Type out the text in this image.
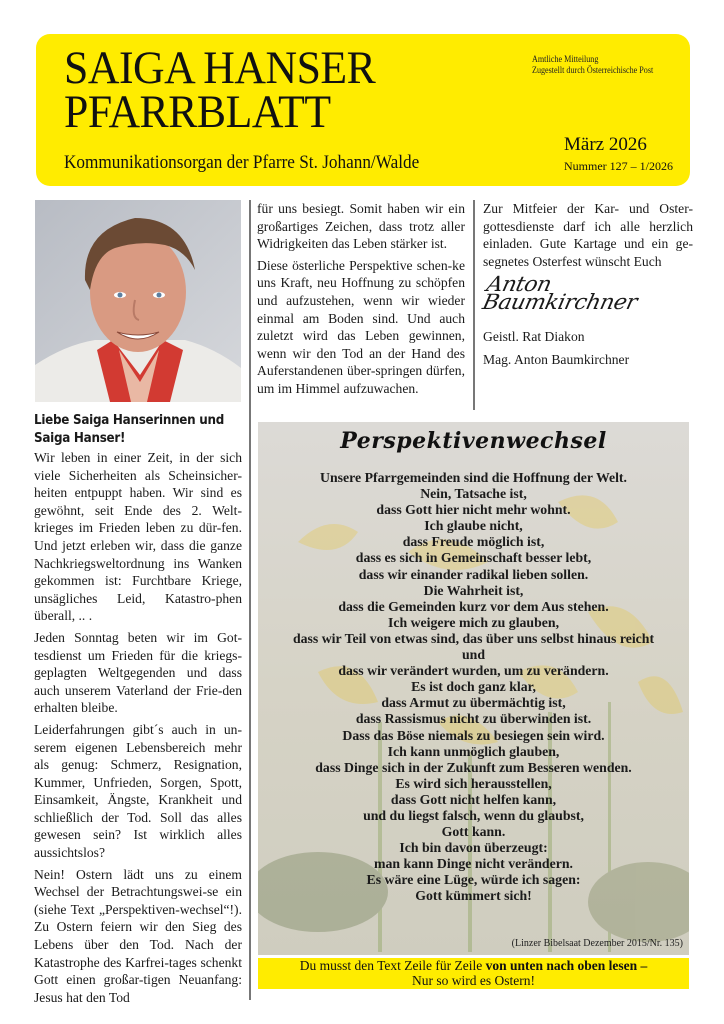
SAIGA HANSER
PFARRBLATT
Kommunikationsorgan der Pfarre St. Johann/Walde
Amtliche Mitteilung
Zugestellt durch Österreichische Post
März 2026
Nummer 127 – 1/2026
Liebe Saiga Hanserinnen und
Saiga Hanser!

Wir leben in einer Zeit, in der sich viele Sicherheiten als Scheinsicher-heiten entpuppt haben. Wir sind es gewöhnt, seit Ende des 2. Welt-krieges im Frieden leben zu dür-fen. Und jetzt erleben wir, dass die ganze Nachkriegsweltordnung ins Wanken gekommen ist: Furchtbare Kriege, unsägliches Leid, Katastro-phen überall, .. .

Jeden Sonntag beten wir im Got-tesdienst um Frieden für die kriegs-geplagten Weltgegenden und dass auch unserem Vaterland der Frie-den erhalten bleibe.

Leiderfahrungen gibt´s auch in un-serem eigenen Lebensbereich mehr als genug: Schmerz, Resignation, Kummer, Unfrieden, Sorgen, Spott, Einsamkeit, Ängste, Krankheit und schließlich der Tod. Soll das alles gewesen sein? Ist wirklich alles aussichtslos?

Nein! Ostern lädt uns zu einem Wechsel der Betrachtungswei-se ein (siehe Text „Perspektiven-wechsel“!). Zu Ostern feiern wir den Sieg des Lebens über den Tod. Nach der Katastrophe des Karfrei-tages schenkt Gott einen großar-tigen Neuanfang: Jesus hat den Tod

für uns besiegt. Somit haben wir ein großartiges Zeichen, dass trotz aller Widrigkeiten das Leben stärker ist.

Diese österliche Perspektive schen-ke uns Kraft, neu Hoffnung zu schöpfen und aufzustehen, wenn wir wieder einmal am Boden sind. Und auch zuletzt wird das Leben gewinnen, wenn wir den Tod an der Hand des Auferstandenen über-springen dürfen, um im Himmel aufzuwachen.

Zur Mitfeier der Kar- und Oster-gottesdienste darf ich alle herzlich einladen. Gute Kartage und ein ge-segnetes Osterfest wünscht Euch

Anton Baumkirchner
Geistl. Rat Diakon
Mag. Anton Baumkirchner
Perspektivenwechsel
Unsere Pfarrgemeinden sind die Hoffnung der Welt.
Nein, Tatsache ist,
dass Gott hier nicht mehr wohnt.
Ich glaube nicht,
dass Freude möglich ist,
dass es sich in Gemeinschaft besser lebt,
dass wir einander radikal lieben sollen.
Die Wahrheit ist,
dass die Gemeinden kurz vor dem Aus stehen.
Ich weigere mich zu glauben,
dass wir Teil von etwas sind, das über uns selbst hinaus reicht
und
dass wir verändert wurden, um zu verändern.
Es ist doch ganz klar,
dass Armut zu übermächtig ist,
dass Rassismus nicht zu überwinden ist.
Dass das Böse niemals zu besiegen sein wird.
Ich kann unmöglich glauben,
dass Dinge sich in der Zukunft zum Besseren wenden.
Es wird sich herausstellen,
dass Gott nicht helfen kann,
und du liegst falsch, wenn du glaubst,
Gott kann.
Ich bin davon überzeugt:
man kann Dinge nicht verändern.
Es wäre eine Lüge, würde ich sagen:
Gott kümmert sich!
(Linzer Bibelsaat Dezember 2015/Nr. 135)
Du musst den Text Zeile für Zeile von unten nach oben lesen –
Nur so wird es Ostern!
